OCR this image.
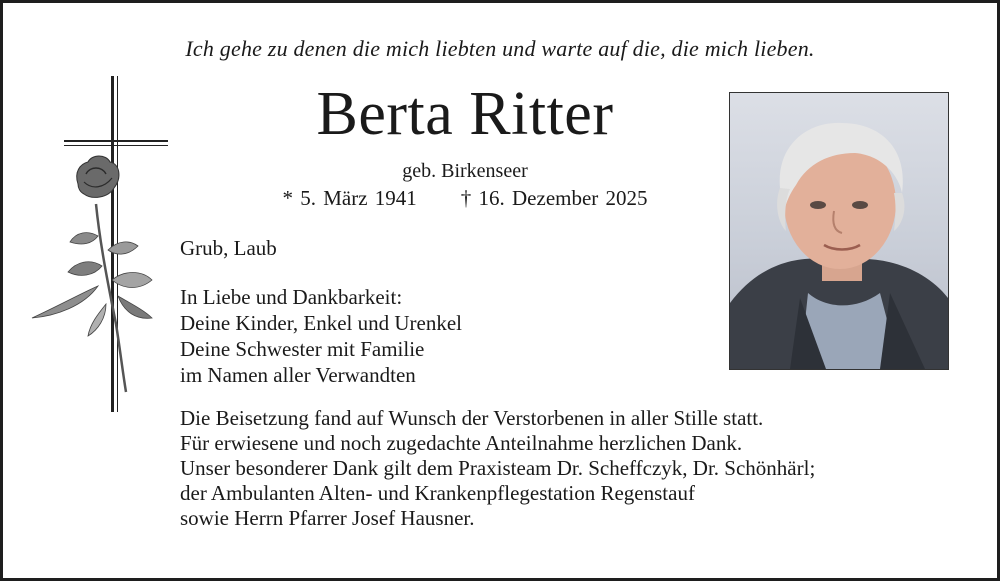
Ich gehe zu denen die mich liebten und warte auf die, die mich lieben.
Berta Ritter
geb. Birkenseer
* 5. März 1941 † 16. Dezember 2025
Grub, Laub
In Liebe und Dankbarkeit:
Deine Kinder, Enkel und Urenkel
Deine Schwester mit Familie
im Namen aller Verwandten
Die Beisetzung fand auf Wunsch der Verstorbenen in aller Stille statt.
Für erwiesene und noch zugedachte Anteilnahme herzlichen Dank.
Unser besonderer Dank gilt dem Praxisteam Dr. Scheffczyk, Dr. Schönhärl;
der Ambulanten Alten- und Krankenpflegestation Regenstauf
sowie Herrn Pfarrer Josef Hausner.
